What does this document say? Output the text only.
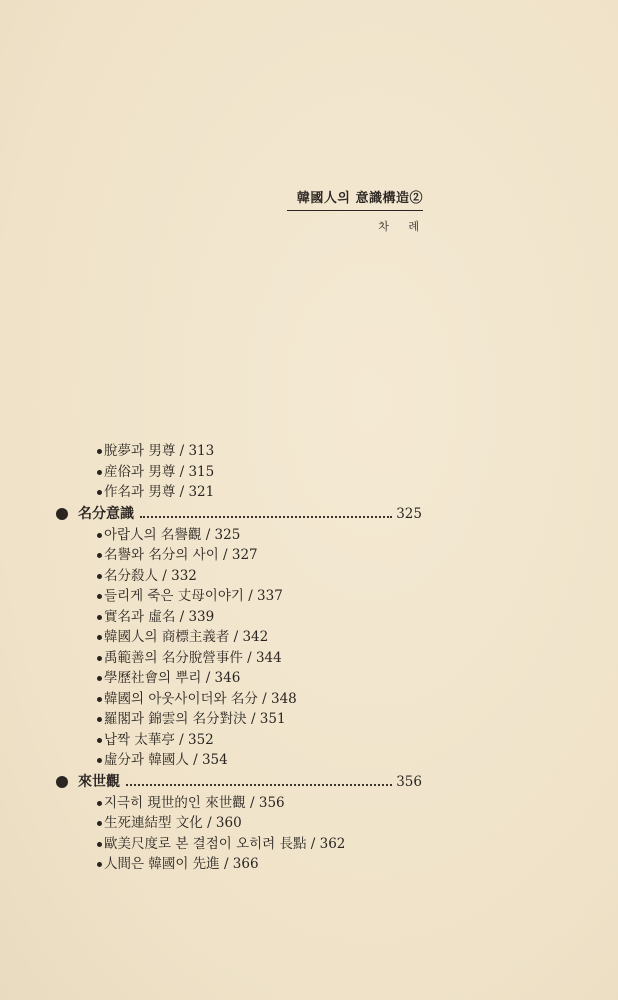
韓國人의 意識構造②
차 례
脫夢과 男尊 / 313
産俗과 男尊 / 315
作名과 男尊 / 321
名分意識	325
아랍人의 名譽觀 / 325
名譽와 名分의 사이 / 327
名分殺人 / 332
들리게 죽은 丈母이야기 / 337
實名과 虛名 / 339
韓國人의 商標主義者 / 342
禹範善의 名分脫營事件 / 344
學歷社會의 뿌리 / 346
韓國의 아웃사이더와 名分 / 348
羅閣과 錦雲의 名分對決 / 351
납짝 太華亭 / 352
虛分과 韓國人 / 354
來世觀	356
지극히 現世的인 來世觀 / 356
生死連結型 文化 / 360
歐美尺度로 본 결점이 오히려 長點 / 362
人間은 韓國이 先進 / 366
